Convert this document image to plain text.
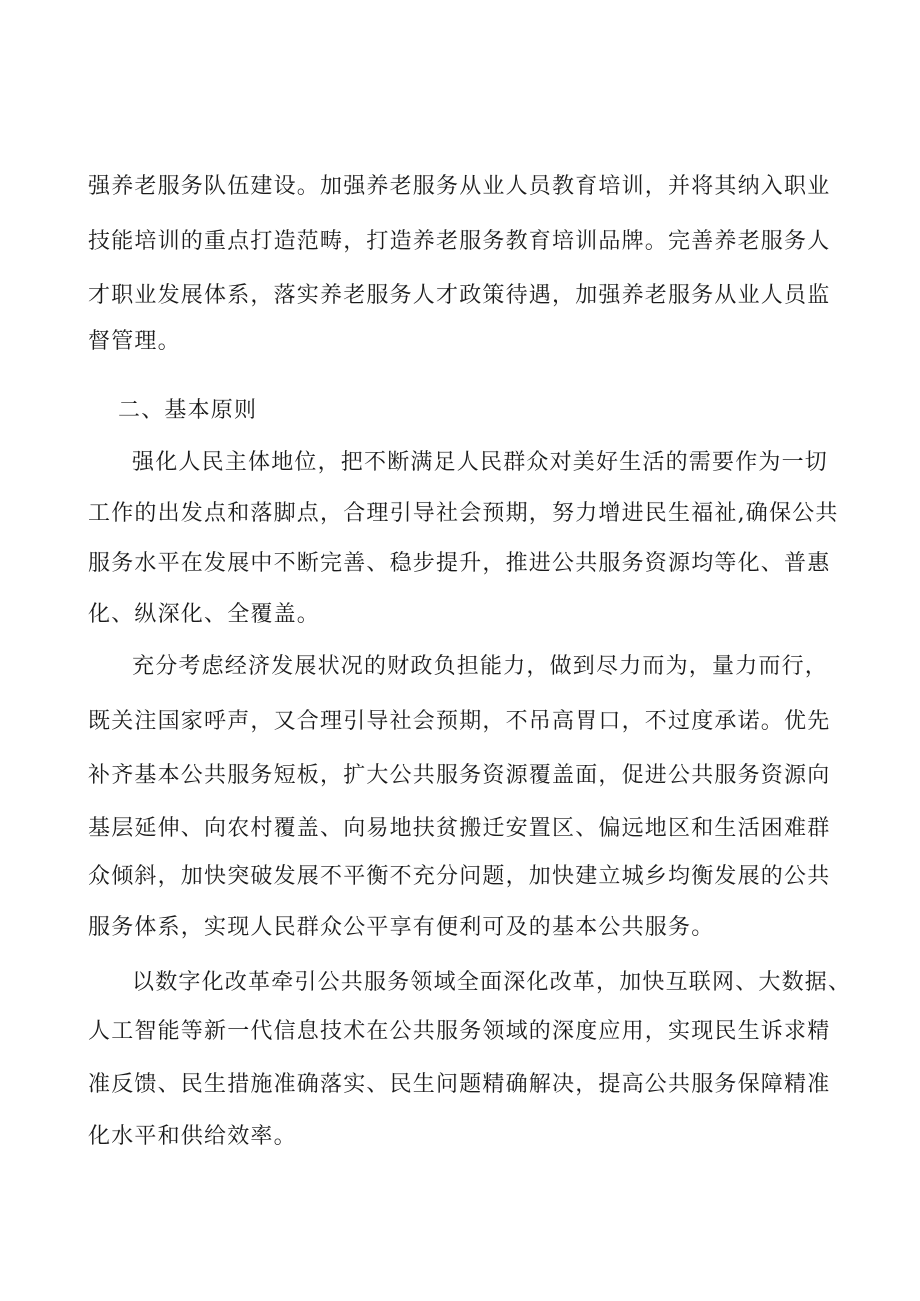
强养老服务队伍建设。加强养老服务从业人员教育培训，并将其纳入职业
技能培训的重点打造范畴，打造养老服务教育培训品牌。完善养老服务人
才职业发展体系，落实养老服务人才政策待遇，加强养老服务从业人员监
督管理。
二、基本原则
强化人民主体地位，把不断满足人民群众对美好生活的需要作为一切
工作的出发点和落脚点，合理引导社会预期，努力增进民生福祉,确保公共
服务水平在发展中不断完善、稳步提升，推进公共服务资源均等化、普惠
化、纵深化、全覆盖。
充分考虑经济发展状况的财政负担能力，做到尽力而为，量力而行，
既关注国家呼声，又合理引导社会预期，不吊高胃口，不过度承诺。优先
补齐基本公共服务短板，扩大公共服务资源覆盖面，促进公共服务资源向
基层延伸、向农村覆盖、向易地扶贫搬迁安置区、偏远地区和生活困难群
众倾斜，加快突破发展不平衡不充分问题，加快建立城乡均衡发展的公共
服务体系，实现人民群众公平享有便利可及的基本公共服务。
以数字化改革牵引公共服务领域全面深化改革，加快互联网、大数据、
人工智能等新一代信息技术在公共服务领域的深度应用，实现民生诉求精
准反馈、民生措施准确落实、民生问题精确解决，提高公共服务保障精准
化水平和供给效率。
